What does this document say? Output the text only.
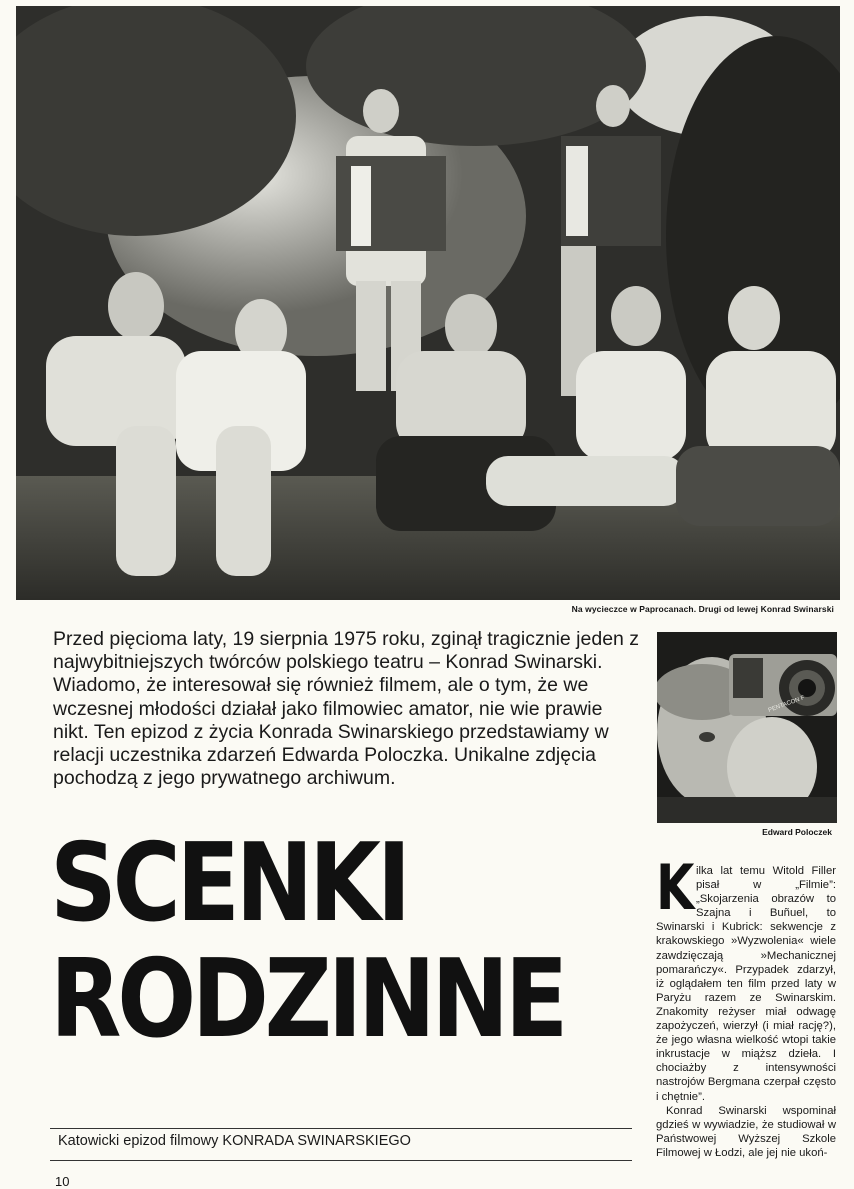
Na wycieczce w Paprocanach. Drugi od lewej Konrad Swinarski
Przed pięcioma laty, 19 sierpnia 1975 roku, zginął tragicznie jeden z najwybitniejszych twórców polskiego teatru – Konrad Swinarski. Wiadomo, że interesował się również filmem, ale o tym, że we wczesnej młodości działał jako filmowiec amator, nie wie prawie nikt. Ten epizod z życia Konrada Swinarskiego przedstawiamy w relacji uczestnika zdarzeń Edwarda Poloczka. Unikalne zdjęcia pochodzą z jego prywatnego archiwum.
PENTACON F
Edward Poloczek
SCENKI
RODZINNE
Katowicki epizod filmowy KONRADA SWINARSKIEGO
10
K ilka lat temu Witold Filler pisał w „Filmie”: „Skojarzenia obrazów to Szajna i Buñuel, to Swinarski i Kubrick: sekwencje z krakowskiego »Wyzwolenia« wiele zawdzięczają »Mechanicznej pomarańczy«. Przypadek zdarzył, iż oglądałem ten film przed laty w Paryżu razem ze Swinarskim. Znakomity reżyser miał odwagę zapożyczeń, wierzył (i miał rację?), że jego własna wielkość wtopi takie inkrustacje w miąższ dzieła. I chociażby z intensywności nastrojów Bergmana czerpał często i chętnie”.

Konrad Swinarski wspominał gdzieś w wywiadzie, że studiował w Państwowej Wyższej Szkole Filmowej w Łodzi, ale jej nie ukoń-
